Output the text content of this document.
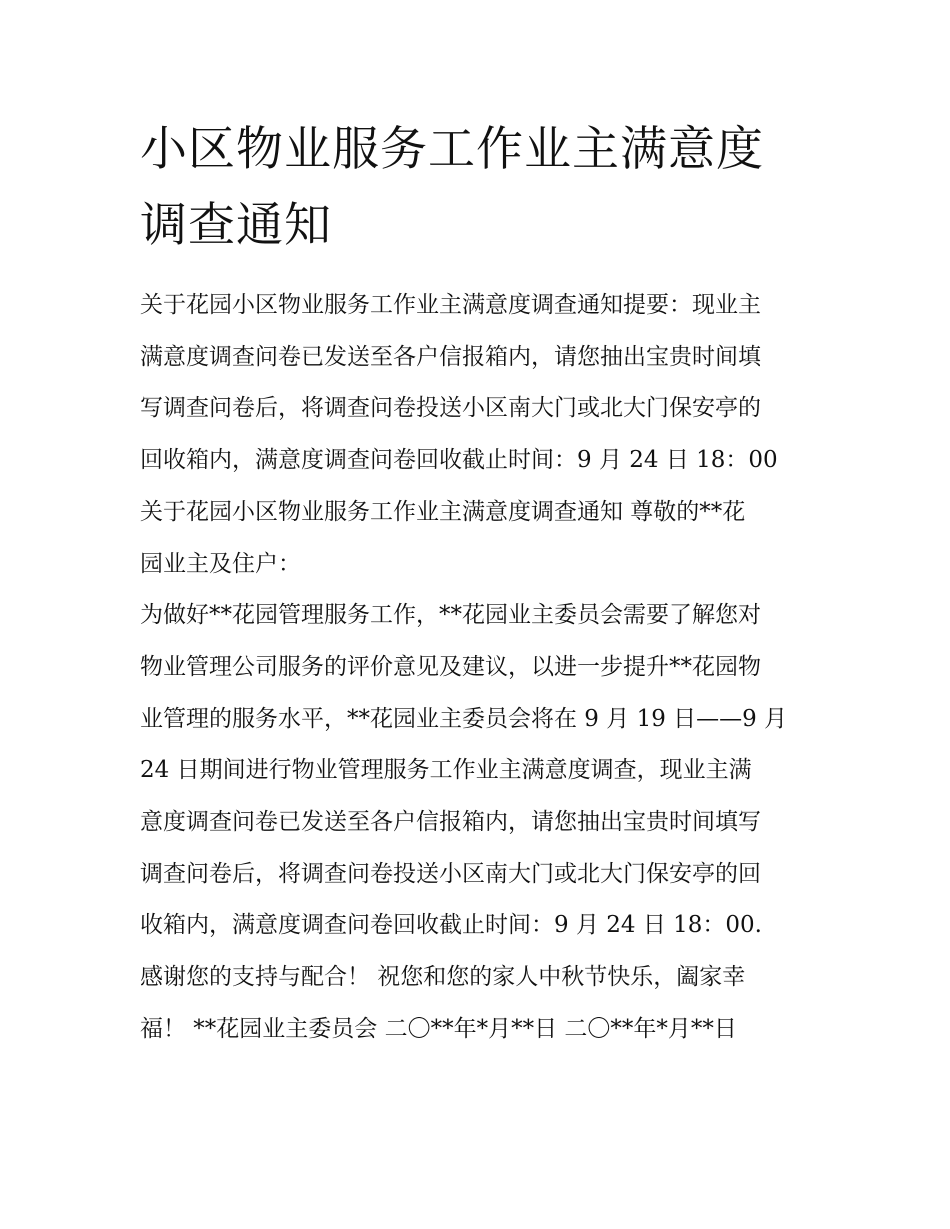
小区物业服务工作业主满意度
调查通知
关于花园小区物业服务工作业主满意度调查通知提要：现业主
满意度调查问卷已发送至各户信报箱内，请您抽出宝贵时间填
写调查问卷后，将调查问卷投送小区南大门或北大门保安亭的
回收箱内，满意度调查问卷回收截止时间：9 月 24 日 18：00
关于花园小区物业服务工作业主满意度调查通知 尊敬的**花
园业主及住户：
为做好**花园管理服务工作，**花园业主委员会需要了解您对
物业管理公司服务的评价意见及建议，以进一步提升**花园物
业管理的服务水平，**花园业主委员会将在 9 月 19 日——9 月
24 日期间进行物业管理服务工作业主满意度调查，现业主满
意度调查问卷已发送至各户信报箱内，请您抽出宝贵时间填写
调查问卷后，将调查问卷投送小区南大门或北大门保安亭的回
收箱内，满意度调查问卷回收截止时间：9 月 24 日 18：00.
感谢您的支持与配合！ 祝您和您的家人中秋节快乐，阖家幸
福！ **花园业主委员会 二〇**年*月**日 二〇**年*月**日
